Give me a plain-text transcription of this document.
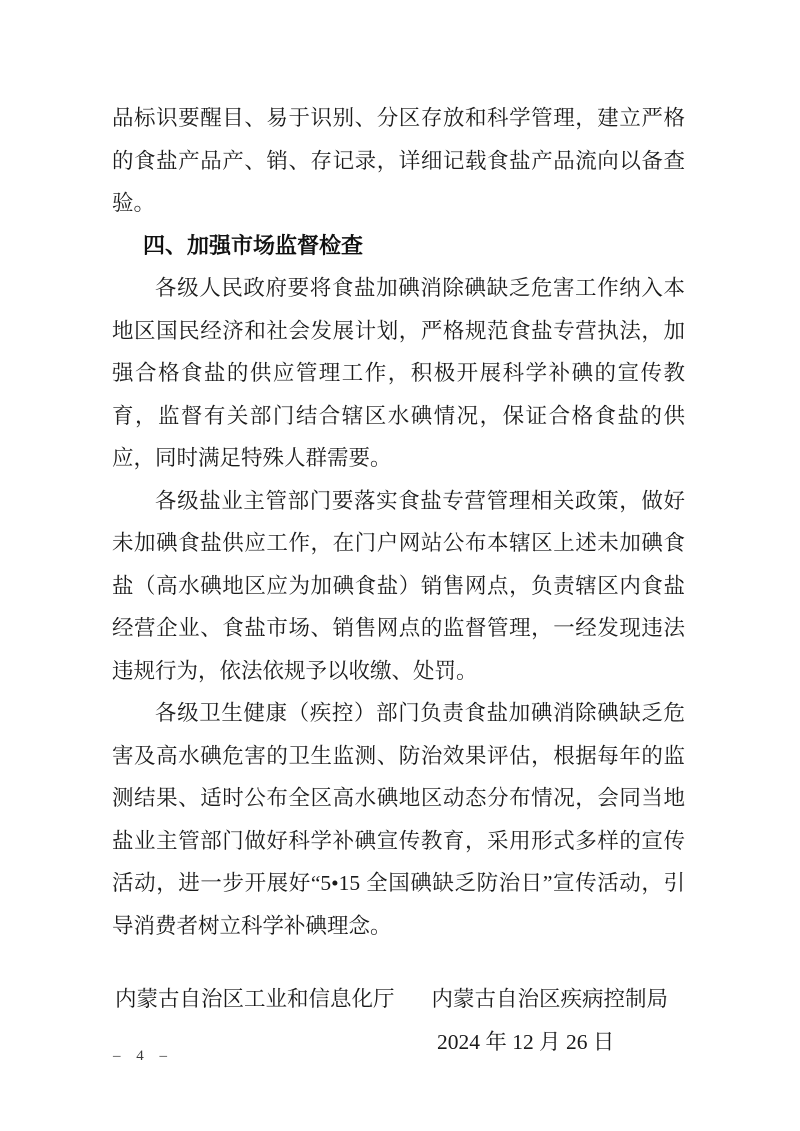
品标识要醒目、易于识别、分区存放和科学管理，建立严格的食盐产品产、销、存记录，详细记载食盐产品流向以备查验。

四、加强市场监督检查

各级人民政府要将食盐加碘消除碘缺乏危害工作纳入本地区国民经济和社会发展计划，严格规范食盐专营执法，加强合格食盐的供应管理工作，积极开展科学补碘的宣传教育，监督有关部门结合辖区水碘情况，保证合格食盐的供应，同时满足特殊人群需要。

各级盐业主管部门要落实食盐专营管理相关政策，做好未加碘食盐供应工作，在门户网站公布本辖区上述未加碘食盐（高水碘地区应为加碘食盐）销售网点，负责辖区内食盐经营企业、食盐市场、销售网点的监督管理，一经发现违法违规行为，依法依规予以收缴、处罚。

各级卫生健康（疾控）部门负责食盐加碘消除碘缺乏危害及高水碘危害的卫生监测、防治效果评估，根据每年的监测结果、适时公布全区高水碘地区动态分布情况，会同当地盐业主管部门做好科学补碘宣传教育，采用形式多样的宣传活动，进一步开展好“5•15 全国碘缺乏防治日”宣传活动，引导消费者树立科学补碘理念。

内蒙古自治区工业和信息化厅 内蒙古自治区疾病控制局
2024 年 12 月 26 日
– 4 –
